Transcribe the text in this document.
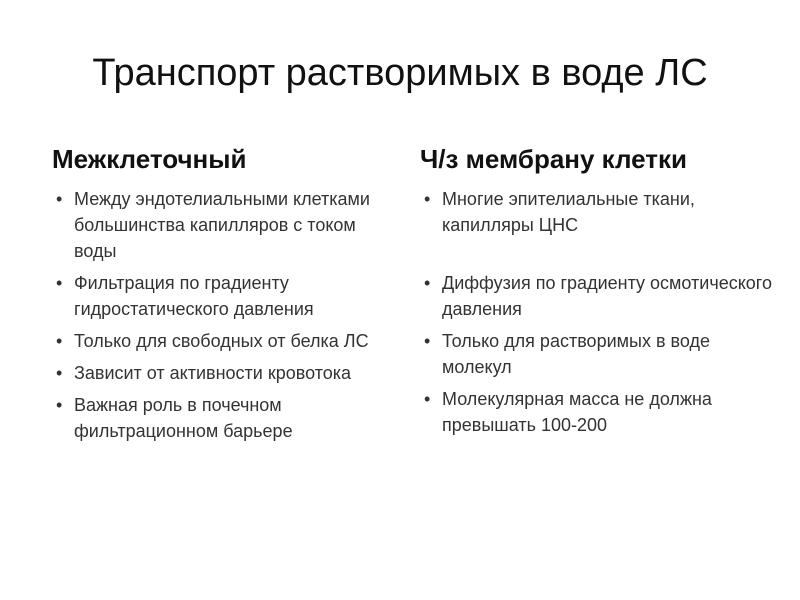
Транспорт растворимых в воде ЛС
Межклеточный
• Между эндотелиальными клетками большинства капилляров с током воды
• Фильтрация по градиенту гидростатического давления
• Только для свободных от белка ЛС
• Зависит от активности кровотока
• Важная роль в почечном фильтрационном барьере
Ч/з мембрану клетки
• Многие эпителиальные ткани, капилляры ЦНС
• Диффузия по градиенту осмотического давления
• Только для растворимых в воде молекул
• Молекулярная масса не должна превышать 100-200
